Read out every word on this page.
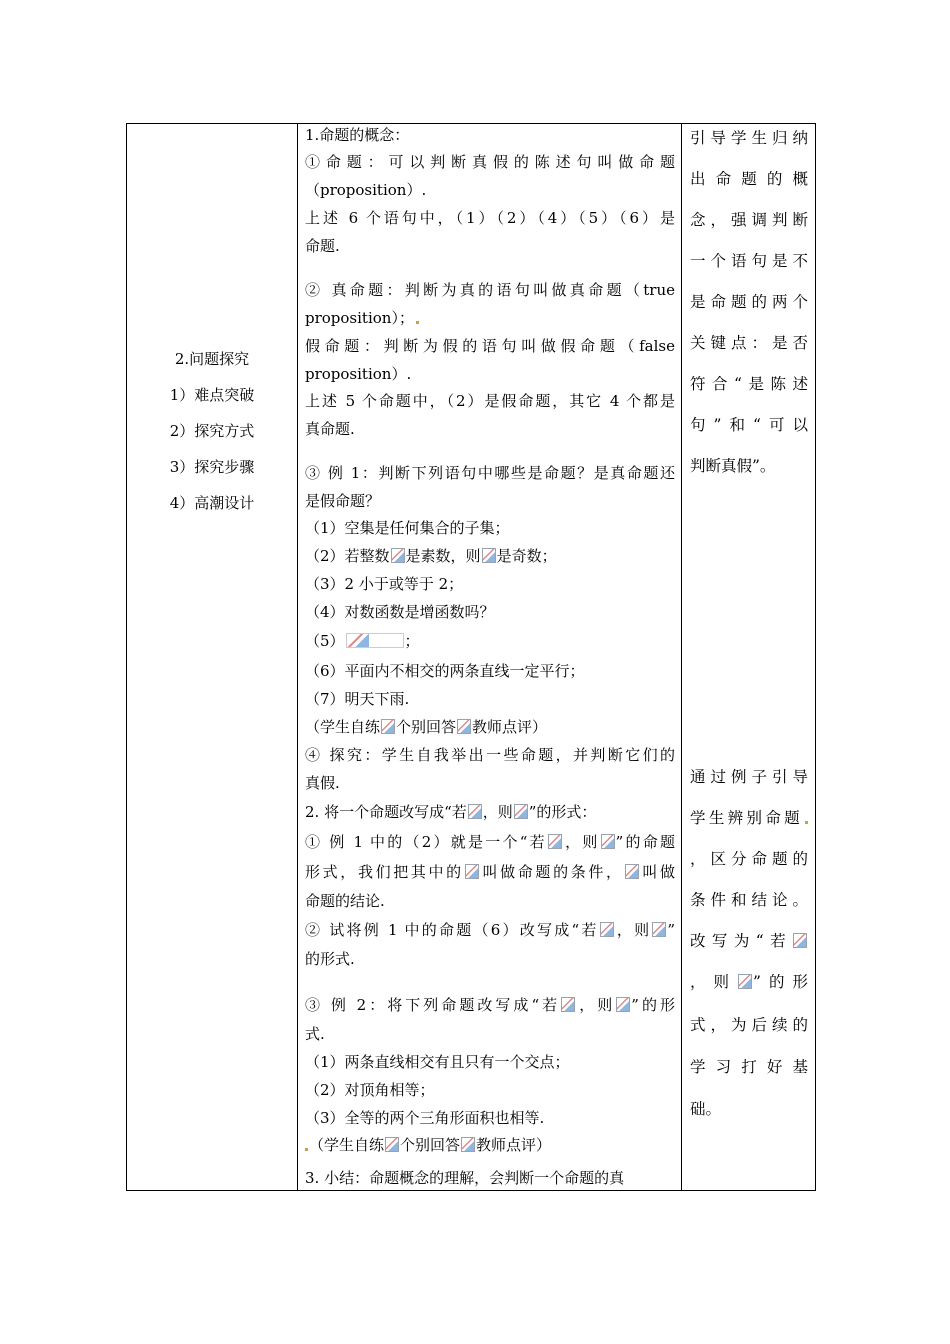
2.问题探究
1）难点突破
2）探究方式
3）探究步骤
4）高潮设计
1.命题的概念：
① 命 题 ： 可 以 判 断 真 假 的 陈 述 句 叫 做 命 题
（proposition）.
上述 6 个语句中，（1）（2）（4）（5）（6）是
命题.
② 真命题：判断为真的语句叫做真命题（true
proposition）；
假命题：判断为假的语句叫做假命题（false
proposition）.
上述 5 个命题中，（2）是假命题，其它 4 个都是
真命题.
③ 例 1：判断下列语句中哪些是命题？是真命题还
是假命题？
（1）空集是任何集合的子集；
（2）若整数 是素数，则 是奇数；
（3）2 小于或等于 2；
（4）对数函数是增函数吗？
（5）	；
（6）平面内不相交的两条直线一定平行；
（7）明天下雨.
（学生自练 个别回答 教师点评）
④ 探究：学生自我举出一些命题，并判断它们的
真假.
2. 将一个命题改写成“若 ，则 ”的形式：
① 例 1 中的（2）就是一个“若 ，则 ”的命题
形式，我们把其中的 叫做命题的条件， 叫做
命题的结论.
② 试将例 1 中的命题（6）改写成“若 ，则 ”
的形式.
③ 例 2：将下列命题改写成“若 ，则 ”的形
式.
（1）两条直线相交有且只有一个交点；
（2）对顶角相等；
（3）全等的两个三角形面积也相等.
（学生自练 个别回答 教师点评）
3. 小结：命题概念的理解，会判断一个命题的真
引导学生归纳
出命题的概
念，强调判断
一个语句是不
是命题的两个
关键点：是否
符合“是陈述
句”和“可以
判断真假”。
通过例子引导
学生辨别命题
，区分命题的
条件和结论。
改写为“若
，则 ”的形
式，为后续的
学 习 打 好 基
础。
